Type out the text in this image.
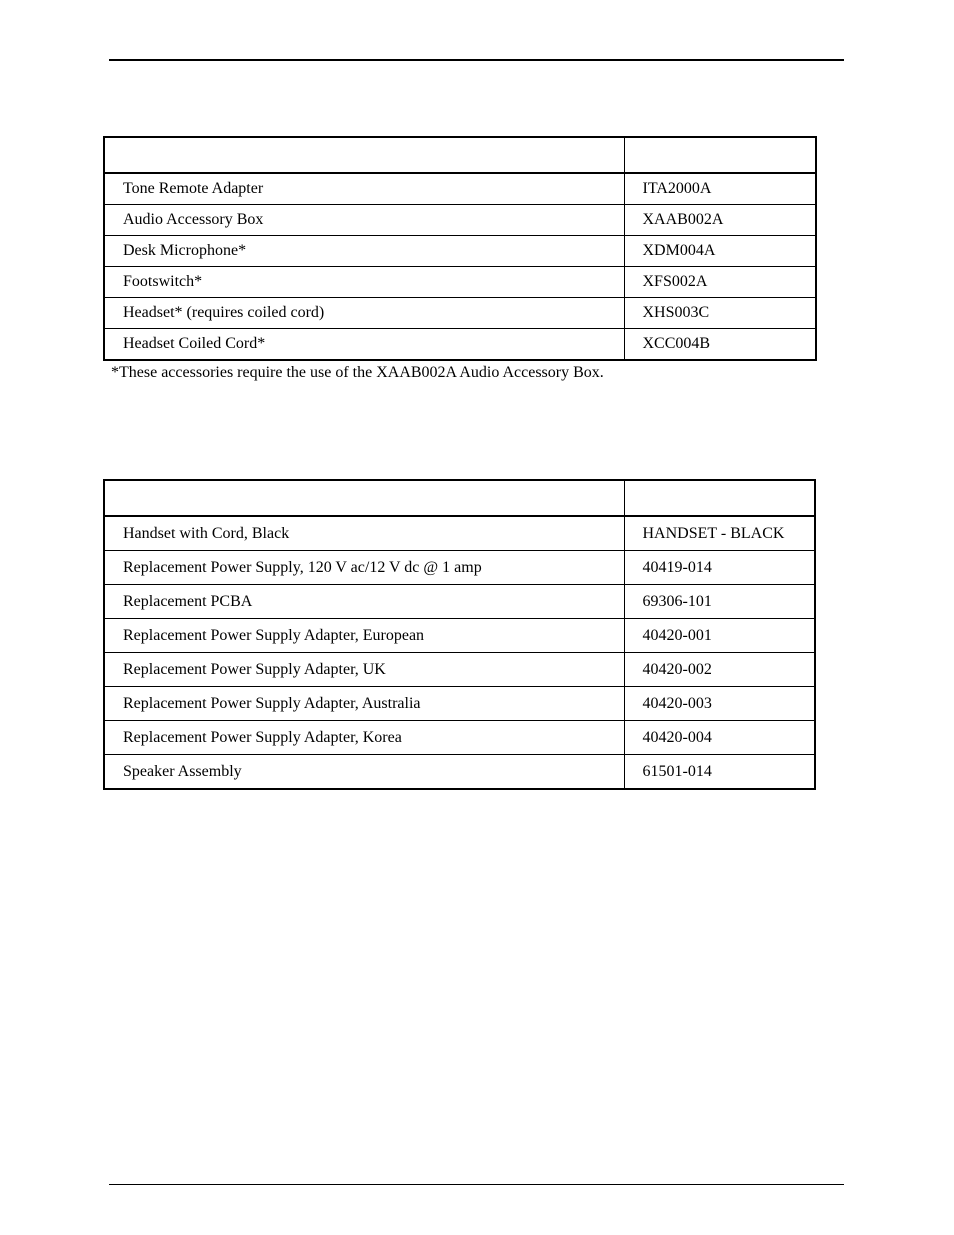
Tone Remote Adapter	ITA2000A
Audio Accessory Box	XAAB002A
Desk Microphone*	XDM004A
Footswitch*	XFS002A
Headset* (requires coiled cord)	XHS003C
Headset Coiled Cord*	XCC004B
*These accessories require the use of the XAAB002A Audio Accessory Box.

Handset with Cord, Black	HANDSET - BLACK
Replacement Power Supply, 120 V ac/12 V dc @ 1 amp	40419-014
Replacement PCBA	69306-101
Replacement Power Supply Adapter, European	40420-001
Replacement Power Supply Adapter, UK	40420-002
Replacement Power Supply Adapter, Australia	40420-003
Replacement Power Supply Adapter, Korea	40420-004
Speaker Assembly	61501-014
